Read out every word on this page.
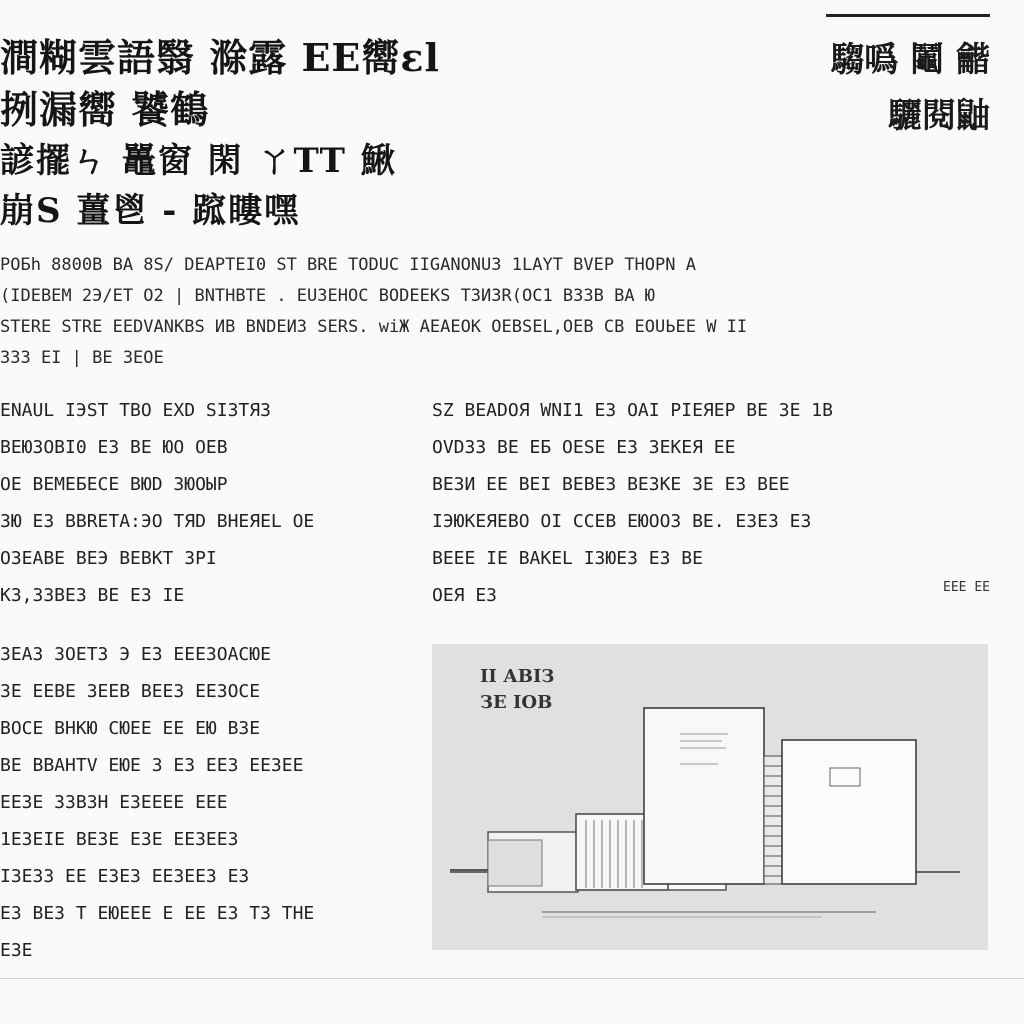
澗糊雲語翳 滁露 EE嚮ɛl
挒漏嚮 饕鶴
諺擺ㄣ 鼉窗 閑 ㄚTT 鰍
崩S 薑鬯 - 䠚瞜嘿
騶噅 鬮 龤
驪閱鼬
POБh 8800В ВА 8S/ DEAРТЕІ0 ST BRЕ TОDUC ІІGANОNUЗ 1LАYТ ВVЕР ТНОPN А
(ІDЕВЕМ 2Э/ЕТ О2 | ВNТНВТЕ . ЕUЗЕНОС ВОDЕЕКS ТЗИЗR(ОС1 ВЗЗВ ВА Ю
SТЕRЕ SТRЕ ЕЕDVАNКВS ИВ ВNDЕИЗ SЕRS. wіЖ АЕАЕОК ОЕВSЕL,ОЕВ СВ ЕОUЬЕЕ W ІІ
ЗЗЗ ЕІ | ВЕ ЗЕОЕ
ЕNАUL ІЭSТ ТВО ЕХD SІЗТЯЗ
ВЕЮЗОВІ0 ЕЗ ВЕ ЮО ОЕВ
ОЕ ВЕМЕБЕСЕ ВЮD ЗЮОЫР
ЗЮ ЕЗ ВВRЕТА:ЭО ТЯD ВНЕЯЕL ОЕ
ОЗЕАВЕ ВЕЭ ВЕВКТ ЗРІ
КЗ,ЗЗВЕЗ ВЕ ЕЗ ІЕ
SZ ВЕАDОЯ WNІ1 ЕЗ ОАІ РІЕЯЕР ВЕ ЗЕ 1В
ОVDЗЗ ВЕ ЕБ ОЕSЕ ЕЗ ЗЕКЕЯ ЕЕ
ВЕЗИ ЕЕ ВЕІ ВЕВЕЗ ВЕЗКЕ ЗЕ ЕЗ ВЕЕ
ІЭЮКЕЯЕВО ОІ ССЕВ ЕЮООЗ ВЕ. ЕЗЕЗ ЕЗ
ВЕЕЕ ІЕ ВАКЕL ІЗЮЕЗ ЕЗ ВЕ
ОЕЯ ЕЗ	ЕЕЕ ЕЕ
ЗЕАЗ ЗОЕТЗ Э ЕЗ ЕЕЕЗОАСЮЕ
ЗЕ ЕЕВЕ ЗЕЕВ ВЕЕЗ ЕЕЗОСЕ
ВОСЕ ВНКЮ СЮЕЕ ЕЕ ЕЮ ВЗЕ
ВЕ ВВАНТV ЕЮЕ З ЕЗ ЕЕЗ ЕЕЗЕЕ
ЕЕЗЕ ЗЗВЗН ЕЗЕЕЕЕ ЕЕЕ
1ЕЗЕІЕ ВЕЗЕ ЕЗЕ ЕЕЗЕЕЗ
ІЗЕЗЗ ЕЕ ЕЗЕЗ ЕЕЗЕЕЗ ЕЗ
ЕЗ ВЕЗ Т ЕЮЕЕЕ Е ЕЕ ЕЗ ТЗ ТНЕ
ЕЗЕ
ІІ АВІЗ
ЗЕ ІОВ
